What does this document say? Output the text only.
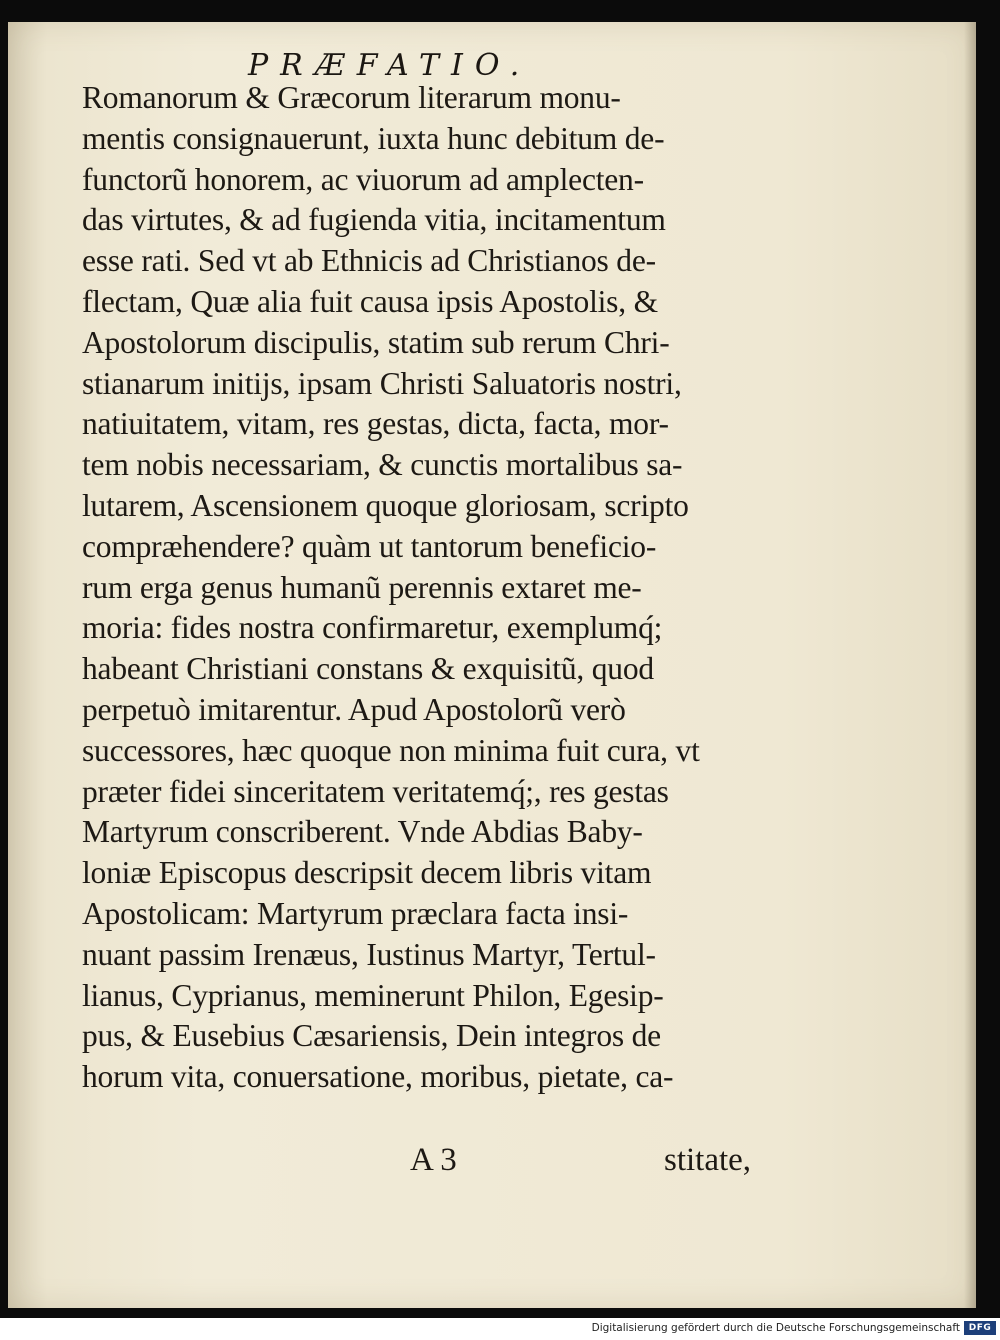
PRÆFATIO.
Romanorum & Græcorum literarum monu-
mentis consignauerunt, iuxta hunc debitum de-
functorũ honorem, ac viuorum ad amplecten-
das virtutes, & ad fugienda vitia, incitamentum
esse rati. Sed vt ab Ethnicis ad Christianos de-
flectam, Quæ alia fuit causa ipsis Apostolis, &
Apostolorum discipulis, statim sub rerum Chri-
stianarum initijs, ipsam Christi Saluatoris nostri,
natiuitatem, vitam, res gestas, dicta, facta, mor-
tem nobis necessariam, & cunctis mortalibus sa-
lutarem, Ascensionem quoque gloriosam, scripto
compræhendere? quàm ut tantorum beneficio-
rum erga genus humanũ perennis extaret me-
moria: fides nostra confirmaretur, exemplumq́;
habeant Christiani constans & exquisitũ, quod
perpetuò imitarentur. Apud Apostolorũ verò
successores, hæc quoque non minima fuit cura, vt
præter fidei sinceritatem veritatemq́;, res gestas
Martyrum conscriberent. Vnde Abdias Baby-
loniæ Episcopus descripsit decem libris vitam
Apostolicam: Martyrum præclara facta insi-
nuant passim Irenæus, Iustinus Martyr, Tertul-
lianus, Cyprianus, meminerunt Philon, Egesip-
pus, & Eusebius Cæsariensis, Dein integros de
horum vita, conuersatione, moribus, pietate, ca-
A 3	stitate,
Digitalisierung gefördert durch die Deutsche Forschungsgemeinschaft DFG
